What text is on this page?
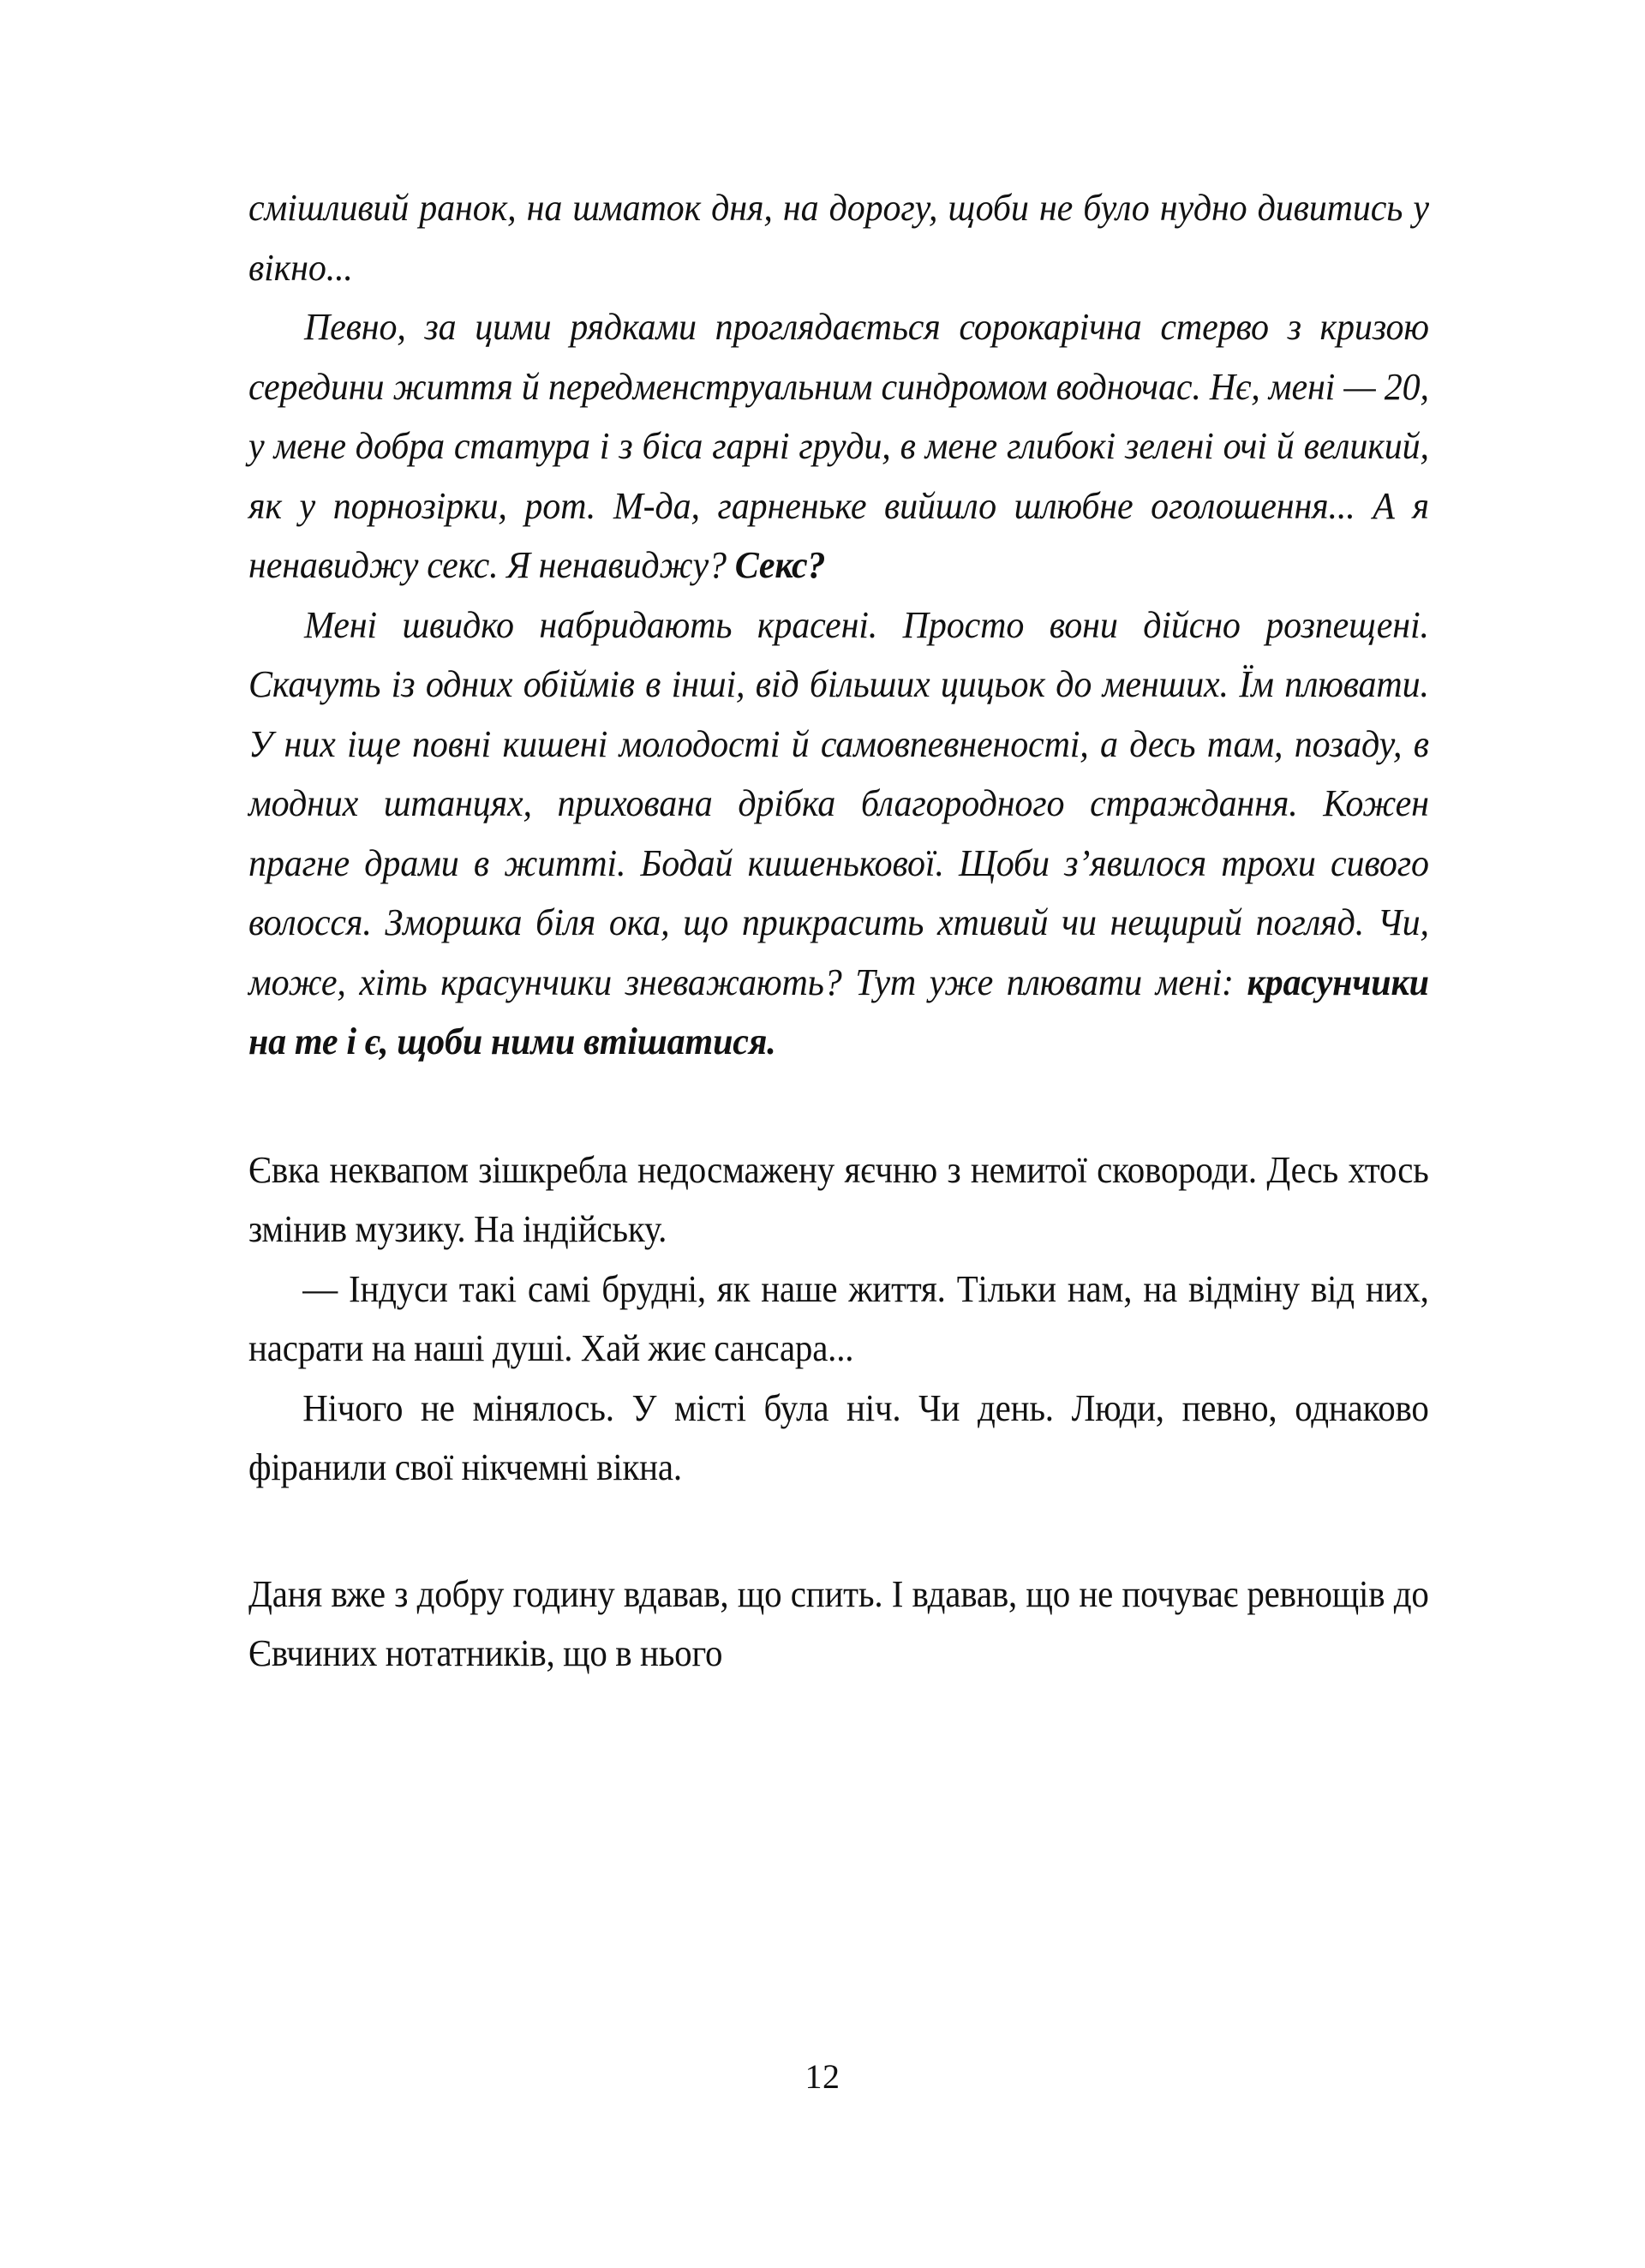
смішливий ранок, на шматок дня, на дорогу, щоби не було нудно дивитись у вікно...

Певно, за цими рядками проглядається сорокарічна стерво з кризою середини життя й передменструальним синдромом водночас. Нє, мені — 20, у мене добра статура і з біса гарні груди, в мене глибокі зелені очі й великий, як у порнозірки, рот. М-да, гарненьке вийшло шлюбне оголошення... А я ненавиджу секс. Я ненавиджу? Секс?

Мені швидко набридають красені. Просто вони дійсно розпещені. Скачуть із одних обіймів в інші, від більших цицьок до менших. Їм плювати. У них іще повні кишені молодості й самовпевненості, а десь там, позаду, в модних штанцях, прихована дрібка благородного страждання. Кожен прагне драми в житті. Бодай кишенькової. Щоби з’явилося трохи сивого волосся. Зморшка біля ока, що прикрасить хтивий чи нещирий погляд. Чи, може, хіть красунчики зневажають? Тут уже плювати мені: красунчики на те і є, щоби ними втішатися.

Євка неквапом зішкребла недосмажену яєчню з немитої сковороди. Десь хтось змінив музику. На індійську.

— Індуси такі самі брудні, як наше життя. Тільки нам, на відміну від них, насрати на наші душі. Хай жиє сансара...

Нічого не мінялось. У місті була ніч. Чи день. Люди, певно, однаково фіранили свої нікчемні вікна.

Даня вже з добру годину вдавав, що спить. І вдавав, що не почуває ревнощів до Євчиних нотатників, що в нього

12
